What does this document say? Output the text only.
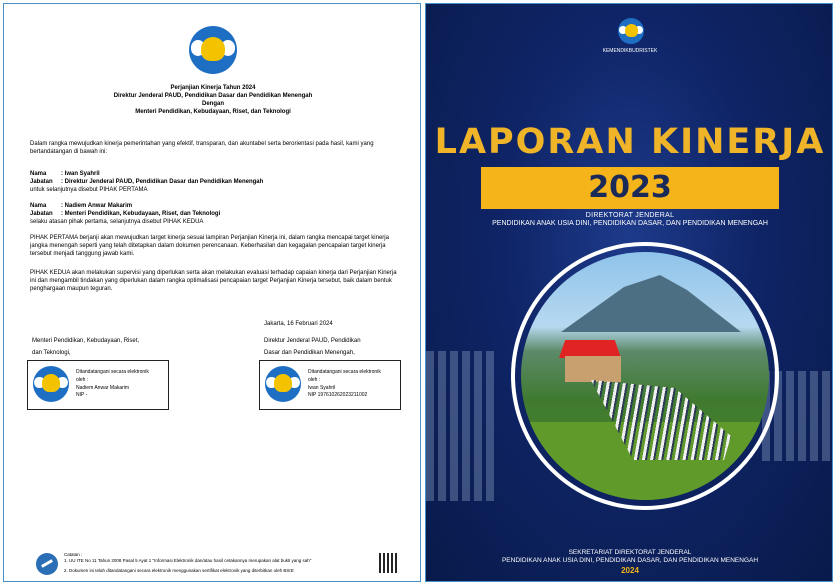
Perjanjian Kinerja Tahun 2024
Direktur Jenderal PAUD, Pendidikan Dasar dan Pendidikan Menengah
Dengan
Menteri Pendidikan, Kebudayaan, Riset, dan Teknologi
Dalam rangka mewujudkan kinerja pemerintahan yang efektif, transparan, dan akuntabel serta berorientasi pada hasil, kami yang bertandatangan di bawah ini:
Nama : Iwan Syahril
Jabatan : Direktur Jenderal PAUD, Pendidikan Dasar dan Pendidikan Menengah
untuk selanjutnya disebut PIHAK PERTAMA
Nama : Nadiem Anwar Makarim
Jabatan : Menteri Pendidikan, Kebudayaan, Riset, dan Teknologi
selaku atasan pihak pertama, selanjutnya disebut PIHAK KEDUA
PIHAK PERTAMA berjanji akan mewujudkan target kinerja sesuai lampiran Perjanjian Kinerja ini, dalam rangka mencapai target kinerja jangka menengah seperti yang telah ditetapkan dalam dokumen perencanaan. Keberhasilan dan kegagalan pencapaian target kinerja tersebut menjadi tanggung jawab kami.
PIHAK KEDUA akan melakukan supervisi yang diperlukan serta akan melakukan evaluasi terhadap capaian kinerja dari Perjanjian Kinerja ini dan mengambil tindakan yang diperlukan dalam rangka optimalisasi pencapaian target Perjanjian Kinerja tersebut, baik dalam bentuk penghargaan maupun teguran.
Jakarta, 16 Februari 2024
Menteri Pendidikan, Kebudayaan, Riset,
dan Teknologi,
Direktur Jenderal PAUD, Pendidikan
Dasar dan Pendidikan Menengah,
Ditandatangani secara elektronik
oleh :
Nadiem Anwar Makarim
NIP -
Ditandatangani secara elektronik
oleh :
Iwan Syahril
NIP 197610262023211002
Catatan :
1. UU ITE No 11 Tahun 2008 Pasal 5 Ayat 1 "Informasi Elektronik dan/atau hasil cetakannya merupakan alat bukti yang sah"
2. Dokumen ini telah ditandatangani secara elektronik menggunakan sertifikat elektronik yang diterbitkan oleh BSrE
KEMENDIKBUDRISTEK
LAPORAN KINERJA
2023
DIREKTORAT JENDERAL
PENDIDIKAN ANAK USIA DINI, PENDIDIKAN DASAR, DAN PENDIDIKAN MENENGAH
SEKRETARIAT DIREKTORAT JENDERAL
PENDIDIKAN ANAK USIA DINI, PENDIDIKAN DASAR, DAN PENDIDIKAN MENENGAH
2024
